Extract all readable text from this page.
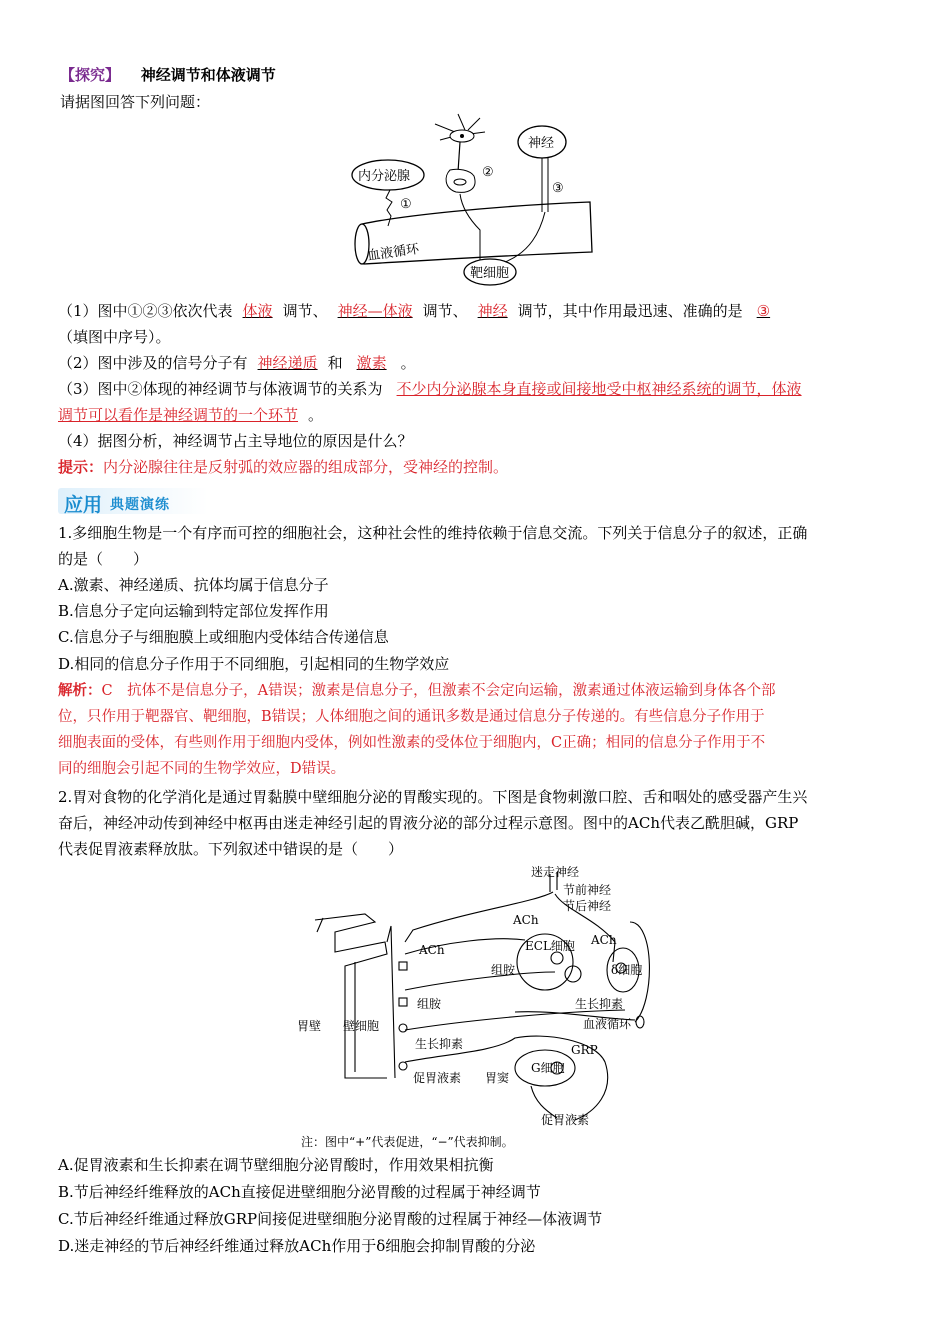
【探究】 神经调节和体液调节
请据图回答下列问题：
血液循环
内分泌腺
①
②
神经
③
靶细胞
（1）图中①②③依次代表 体液 调节、 神经—体液 调节、 神经 调节，其中作用最迅速、准确的是 ③
（填图中序号）。
（2）图中涉及的信号分子有 神经递质 和 激素 。
（3）图中②体现的神经调节与体液调节的关系为 不少内分泌腺本身直接或间接地受中枢神经系统的调节，体液
调节可以看作是神经调节的一个环节 。
（4）据图分析，神经调节占主导地位的原因是什么？
提示：内分泌腺往往是反射弧的效应器的组成部分，受神经的控制。
应用 典题演练
1.多细胞生物是一个有序而可控的细胞社会，这种社会性的维持依赖于信息交流。下列关于信息分子的叙述，正确
的是（　　）
A.激素、神经递质、抗体均属于信息分子
B.信息分子定向运输到特定部位发挥作用
C.信息分子与细胞膜上或细胞内受体结合传递信息
D.相同的信息分子作用于不同细胞，引起相同的生物学效应
解析：C　抗体不是信息分子，A错误；激素是信息分子，但激素不会定向运输，激素通过体液运输到身体各个部
位，只作用于靶器官、靶细胞，B错误；人体细胞之间的通讯多数是通过信息分子传递的。有些信息分子作用于
细胞表面的受体，有些则作用于细胞内受体，例如性激素的受体位于细胞内，C正确；相同的信息分子作用于不
同的细胞会引起不同的生物学效应，D错误。
2.胃对食物的化学消化是通过胃黏膜中壁细胞分泌的胃酸实现的。下图是食物刺激口腔、舌和咽处的感受器产生兴
奋后，神经冲动传到神经中枢再由迷走神经引起的胃液分泌的部分过程示意图。图中的ACh代表乙酰胆碱，GRP
代表促胃液素释放肽。下列叙述中错误的是（　　）
迷走神经
节前神经
节后神经
ACh
ACh
ACh
ECL细胞
δ细胞
组胺
组胺	生长抑素
生长抑素
血液循环
胃壁 壁细胞
促胃液素 胃窦
G细胞
GRP
促胃液素
注：图中“+”代表促进，“−”代表抑制。
A.促胃液素和生长抑素在调节壁细胞分泌胃酸时，作用效果相抗衡
B.节后神经纤维释放的ACh直接促进壁细胞分泌胃酸的过程属于神经调节
C.节后神经纤维通过释放GRP间接促进壁细胞分泌胃酸的过程属于神经—体液调节
D.迷走神经的节后神经纤维通过释放ACh作用于δ细胞会抑制胃酸的分泌
